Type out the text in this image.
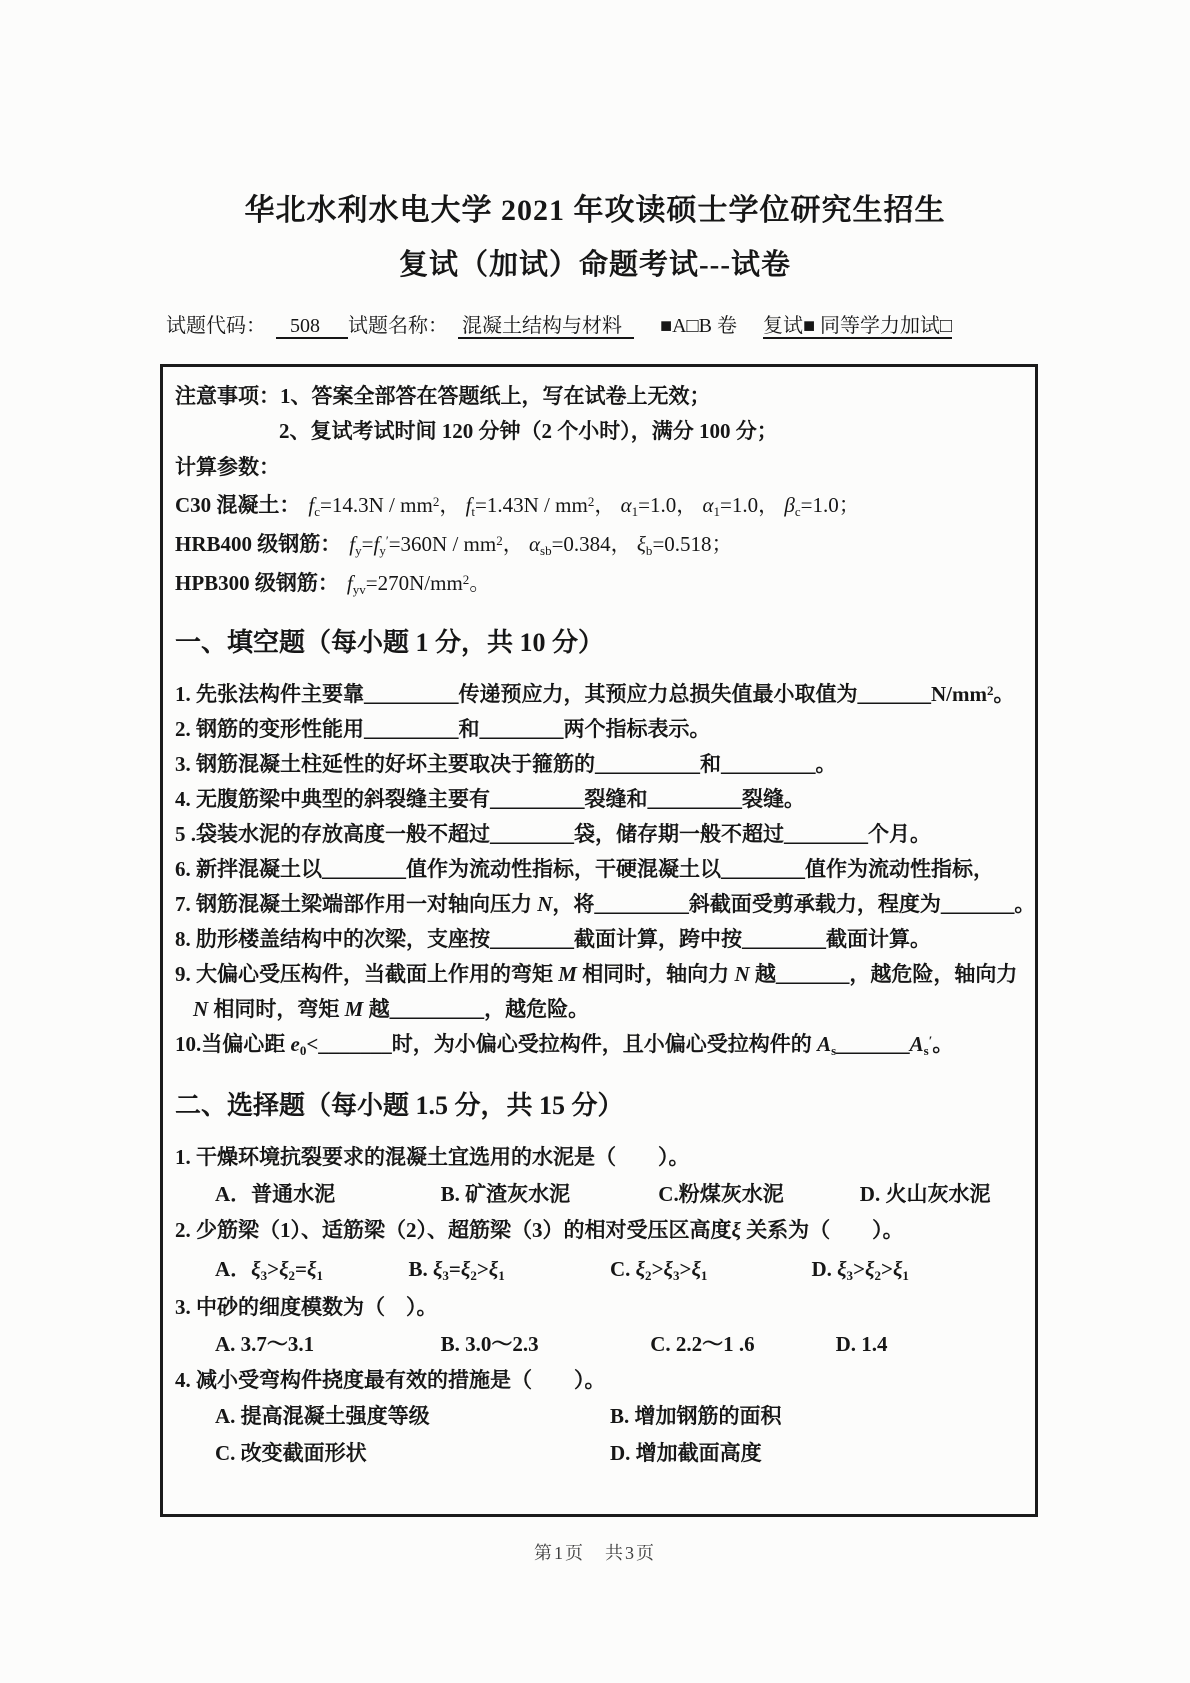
华北水利水电大学 2021 年攻读硕士学位研究生招生
复试（加试）命题考试---试卷
试题代码： 508 试题名称： 混凝土结构与材料 ■A□B 卷 复试■ 同等学力加试□
注意事项：1、答案全部答在答题纸上，写在试卷上无效；
2、复试考试时间 120 分钟（2 个小时），满分 100 分；
计算参数：
C30 混凝土： $f_c=14.3N / mm^2$， $f_t=1.43N / mm^2$， $\alpha_1=1.0$， $\alpha_1=1.0$， $\beta_c=1.0$；
HRB400 级钢筋： $f_y=f_y'=360N / mm^2$， $\alpha_{sb}=0.384$， $\xi_b=0.518$；
HPB300 级钢筋： $f_{yv}=270N/mm^2$。
一、填空题（每小题 1 分，共 10 分）
1. 先张法构件主要靠_________传递预应力，其预应力总损失值最小取值为$\_\_\_\_\_\_\_N/mm^2$。
2. 钢筋的变形性能用_________和________两个指标表示。
3. 钢筋混凝土柱延性的好坏主要取决于箍筋的__________和_________。
4. 无腹筋梁中典型的斜裂缝主要有_________裂缝和_________裂缝。
5 .袋装水泥的存放高度一般不超过________袋，储存期一般不超过________个月。
6. 新拌混凝土以________值作为流动性指标，干硬混凝土以________值作为流动性指标，
7. 钢筋混凝土梁端部作用一对轴向压力 N，将_________斜截面受剪承载力，程度为_______。
8. 肋形楼盖结构中的次梁，支座按________截面计算，跨中按________截面计算。
9. 大偏心受压构件，当截面上作用的弯矩 M 相同时，轴向力 N 越_______，越危险，轴向力
N 相同时，弯矩 M 越_________，越危险。
10.当偏心距 $e_0<\_\_\_\_\_\_\_$时，为小偏心受拉构件，且小偏心受拉构件的 $A_s\_\_\_\_\_\_\_A_s'$。
二、选择题（每小题 1.5 分，共 15 分）
1. 干燥环境抗裂要求的混凝土宜选用的水泥是（　　）。
A．普通水泥	B. 矿渣灰水泥	C.粉煤灰水泥	D. 火山灰水泥
2. 少筋梁（1）、适筋梁（2）、超筋梁（3）的相对受压区高度ξ 关系为（　　）。
A．$\xi_3>\xi_2=\xi_1$	B. $\xi_3=\xi_2>\xi_1$	C. $\xi_2>\xi_3>\xi_1$	D. $\xi_3>\xi_2>\xi_1$
3. 中砂的细度模数为（　）。
A. 3.7～3.1	B. 3.0～2.3	C. 2.2～1 .6	D. 1.4
4. 减小受弯构件挠度最有效的措施是（　　）。
A. 提高混凝土强度等级	B. 增加钢筋的面积
C. 改变截面形状	D. 增加截面高度
第1页　共3页
